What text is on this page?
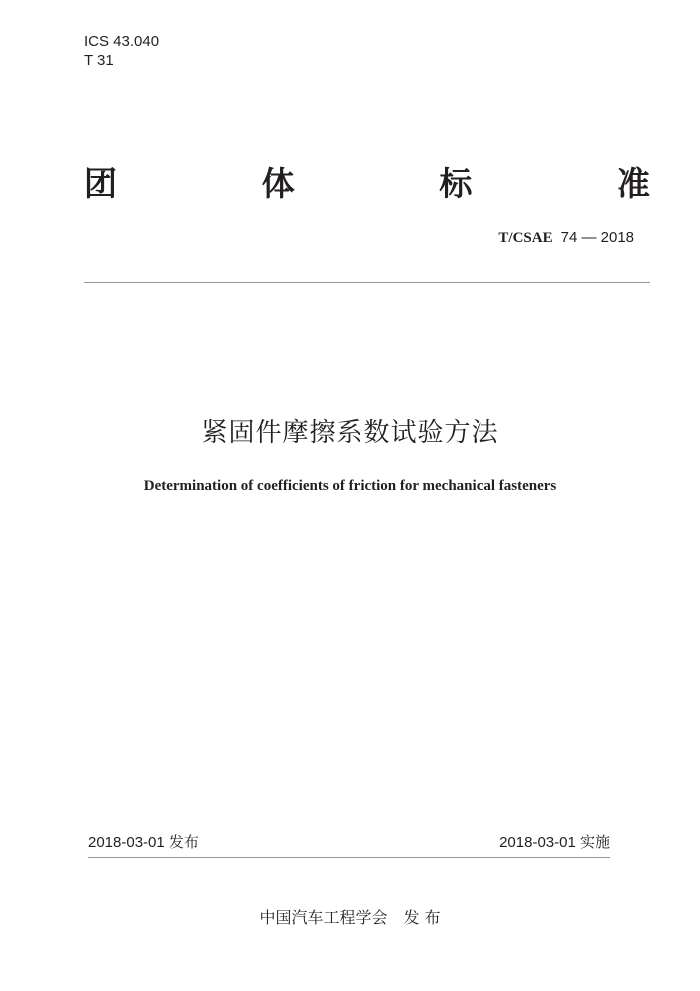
ICS 43.040
T 31
团	体	标	准
T/CSAE 74 — 2018
紧固件摩擦系数试验方法
Determination of coefficients of friction for mechanical fasteners
2018-03-01 发布	2018-03-01 实施
中国汽车工程学会 发 布
